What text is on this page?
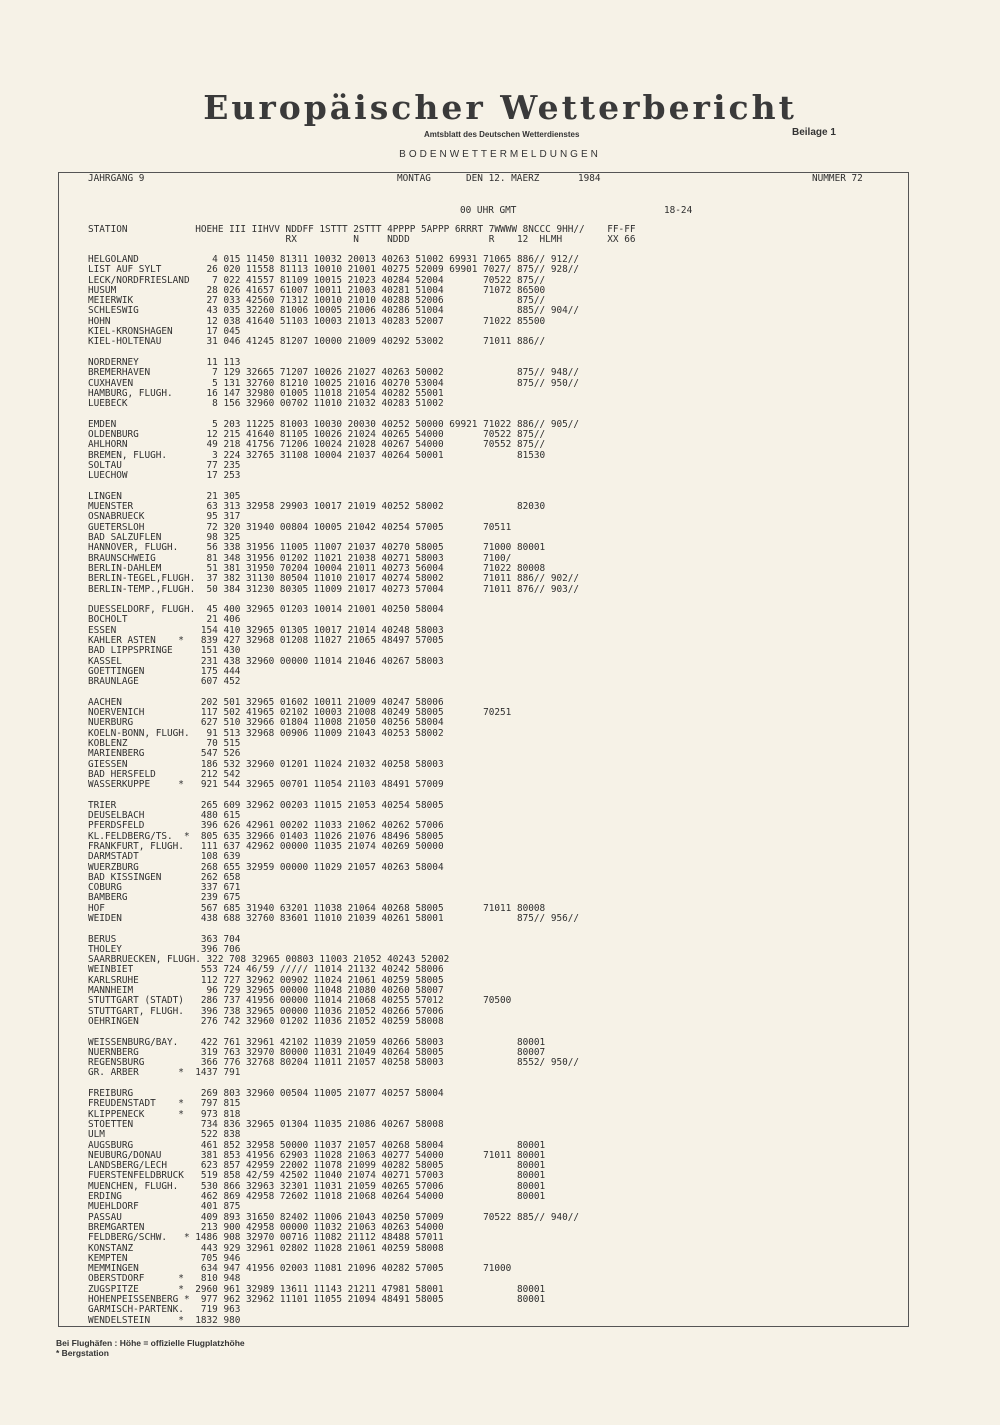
Europäischer Wetterbericht
Amtsblatt des Deutschen Wetterdienstes	Beilage 1
BODENWETTERMELDUNGEN
JAHRGANG 9	MONTAG	DEN 12. MAERZ	1984	NUMMER 72
00 UHR GMT	18-24
STATION            HOEHE III IIHVV NDDFF 1STTT 2STTT 4PPPP 5APPP 6RRRT 7WWWW 8NCCC 9HH//    FF-FF
RX          N     NDDD              R    12  HLMH        XX 66
HELGOLAND             4 015 11450 81311 10032 20013 40263 51002 69931 71065 886// 912//
LIST AUF SYLT        26 020 11558 81113 10010 21001 40275 52009 69901 7027/ 875// 928//
LECK/NORDFRIESLAND    7 022 41557 81109 10015 21023 40284 52004       70522 875//
HUSUM                28 026 41657 61007 10011 21003 40281 51004       71072 86500
MEIERWIK             27 033 42560 71312 10010 21010 40288 52006             875//
SCHLESWIG            43 035 32260 81006 10005 21006 40286 51004             885// 904//
HOHN                 12 038 41640 51103 10003 21013 40283 52007       71022 85500
KIEL-KRONSHAGEN      17 045
KIEL-HOLTENAU        31 046 41245 81207 10000 21009 40292 53002       71011 886//
NORDERNEY            11 113
BREMERHAVEN           7 129 32665 71207 10026 21027 40263 50002             875// 948//
CUXHAVEN              5 131 32760 81210 10025 21016 40270 53004             875// 950//
HAMBURG, FLUGH.      16 147 32980 01005 11018 21054 40282 55001
LUEBECK               8 156 32960 00702 11010 21032 40283 51002
EMDEN                 5 203 11225 81003 10030 20030 40252 50000 69921 71022 886// 905//
OLDENBURG            12 215 41640 81105 10026 21024 40265 54000       70522 875//
AHLHORN              49 218 41756 71206 10024 21028 40267 54000       70552 875//
BREMEN, FLUGH.        3 224 32765 31108 10004 21037 40264 50001             81530
SOLTAU               77 235
LUECHOW              17 253
LINGEN               21 305
MUENSTER             63 313 32958 29903 10017 21019 40252 58002             82030
OSNABRUECK           95 317
GUETERSLOH           72 320 31940 00804 10005 21042 40254 57005       70511
BAD SALZUFLEN        98 325
HANNOVER, FLUGH.     56 338 31956 11005 11007 21037 40270 58005       71000 80001
BRAUNSCHWEIG         81 348 31956 01202 11021 21038 40271 58003       7100/
BERLIN-DAHLEM        51 381 31950 70204 10004 21011 40273 56004       71022 80008
BERLIN-TEGEL,FLUGH.  37 382 31130 80504 11010 21017 40274 58002       71011 886// 902//
BERLIN-TEMP.,FLUGH.  50 384 31230 80305 11009 21017 40273 57004       71011 876// 903//
DUESSELDORF, FLUGH.  45 400 32965 01203 10014 21001 40250 58004
BOCHOLT              21 406
ESSEN               154 410 32965 01305 10017 21014 40248 58003
KAHLER ASTEN    *   839 427 32968 01208 11027 21065 48497 57005
BAD LIPPSPRINGE     151 430
KASSEL              231 438 32960 00000 11014 21046 40267 58003
GOETTINGEN          175 444
BRAUNLAGE           607 452
AACHEN              202 501 32965 01602 10011 21009 40247 58006
NOERVENICH          117 502 41965 02102 10003 21008 40249 58005       70251
NUERBURG            627 510 32966 01804 11008 21050 40256 58004
KOELN-BONN, FLUGH.   91 513 32968 00906 11009 21043 40253 58002
KOBLENZ              70 515
MARIENBERG          547 526
GIESSEN             186 532 32960 01201 11024 21032 40258 58003
BAD HERSFELD        212 542
WASSERKUPPE     *   921 544 32965 00701 11054 21103 48491 57009
TRIER               265 609 32962 00203 11015 21053 40254 58005
DEUSELBACH          480 615
PFERDSFELD          396 626 42961 00202 11033 21062 40262 57006
KL.FELDBERG/TS.  *  805 635 32966 01403 11026 21076 48496 58005
FRANKFURT, FLUGH.   111 637 42962 00000 11035 21074 40269 50000
DARMSTADT           108 639
WUERZBURG           268 655 32959 00000 11029 21057 40263 58004
BAD KISSINGEN       262 658
COBURG              337 671
BAMBERG             239 675
HOF                 567 685 31940 63201 11038 21064 40268 58005       71011 80008
WEIDEN              438 688 32760 83601 11010 21039 40261 58001             875// 956//
BERUS               363 704
THOLEY              396 706
SAARBRUECKEN, FLUGH. 322 708 32965 00803 11003 21052 40243 52002
WEINBIET            553 724 46/59 ///// 11014 21132 40242 58006
KARLSRUHE           112 727 32962 00902 11024 21061 40259 58005
MANNHEIM             96 729 32965 00000 11048 21080 40260 58007
STUTTGART (STADT)   286 737 41956 00000 11014 21068 40255 57012       70500
STUTTGART, FLUGH.   396 738 32965 00000 11036 21052 40266 57006
OEHRINGEN           276 742 32960 01202 11036 21052 40259 58008
WEISSENBURG/BAY.    422 761 32961 42102 11039 21059 40266 58003             80001
NUERNBERG           319 763 32970 80000 11031 21049 40264 58005             80007
REGENSBURG          366 776 32768 80204 11011 21057 40258 58003             8552/ 950//
GR. ARBER       *  1437 791
FREIBURG            269 803 32960 00504 11005 21077 40257 58004
FREUDENSTADT    *   797 815
KLIPPENECK      *   973 818
STOETTEN            734 836 32965 01304 11035 21086 40267 58008
ULM                 522 838
AUGSBURG            461 852 32958 50000 11037 21057 40268 58004             80001
NEUBURG/DONAU       381 853 41956 62903 11028 21063 40277 54000       71011 80001
LANDSBERG/LECH      623 857 42959 22002 11078 21099 40282 58005             80001
FUERSTENFELDBRUCK   519 858 42/59 42502 11040 21074 40271 57003             80001
MUENCHEN, FLUGH.    530 866 32963 32301 11031 21059 40265 57006             80001
ERDING              462 869 42958 72602 11018 21068 40264 54000             80001
MUEHLDORF           401 875
PASSAU              409 893 31650 82402 11006 21043 40250 57009       70522 885// 940//
BREMGARTEN          213 900 42958 00000 11032 21063 40263 54000
FELDBERG/SCHW.   * 1486 908 32970 00716 11082 21112 48488 57011
KONSTANZ            443 929 32961 02802 11028 21061 40259 58008
KEMPTEN             705 946
MEMMINGEN           634 947 41956 02003 11081 21096 40282 57005       71000
OBERSTDORF      *   810 948
ZUGSPITZE       *  2960 961 32989 13611 11143 21211 47981 58001             80001
HOHENPEISSENBERG *  977 962 32962 11101 11055 21094 48491 58005             80001
GARMISCH-PARTENK.   719 963
WENDELSTEIN     *  1832 980
Bei Flughäfen : Höhe = offizielle Flugplatzhöhe
* Bergstation
